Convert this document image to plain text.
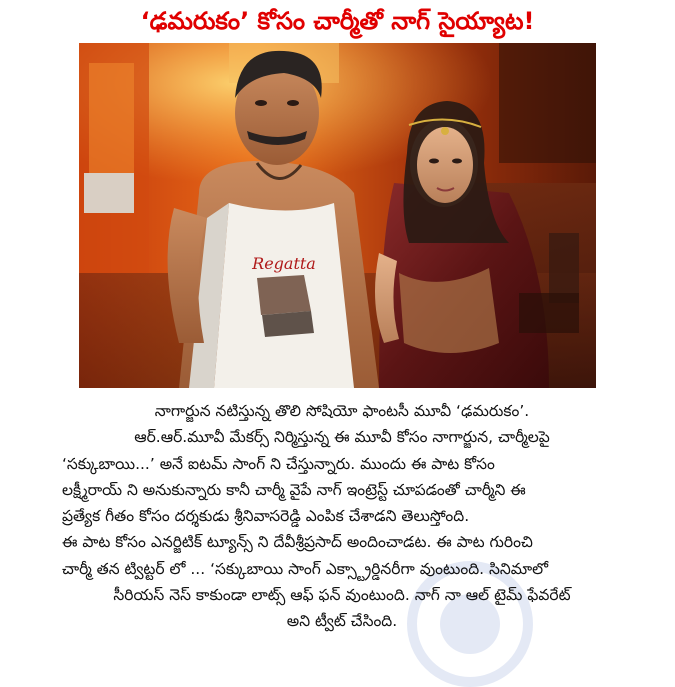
‘ఢమరుకం’ కోసం చార్మీతో నాగ్ సైయ్యాట!
Regatta
నాగార్జున నటిస్తున్న తొలి సోషియో ఫాంటసీ మూవీ ‘ఢమరుకం’.
ఆర్.ఆర్.మూవీ మేకర్స్ నిర్మిస్తున్న ఈ మూవీ కోసం నాగార్జున, చార్మీలపై
‘సక్కుబాయి...’ అనే ఐటమ్ సాంగ్ ని చేస్తున్నారు. ముందు ఈ పాట కోసం
లక్ష్మీరాయ్ ని అనుకున్నారు కానీ చార్మీ వైపే నాగ్ ఇంట్రెస్ట్ చూపడంతో చార్మీని ఈ
ప్రత్యేక గీతం కోసం దర్శకుడు శ్రీనివాసరెడ్డి ఎంపిక చేశాడని తెలుస్తోంది.
ఈ పాట కోసం ఎనర్జిటిక్ ట్యూన్స్ ని దేవీశ్రీప్రసాద్ అందించాడట. ఈ పాట గురించి
చార్మీ తన ట్విట్టర్ లో ... ‘సక్కుబాయి సాంగ్ ఎక్స్ట్రార్డినరీగా వుంటుంది. సినిమాలో
సీరియస్ నెస్ కాకుండా లాట్స్ ఆఫ్ ఫన్ వుంటుంది. నాగ్ నా ఆల్ టైమ్ ఫేవరేట్
అని ట్వీట్ చేసింది.
